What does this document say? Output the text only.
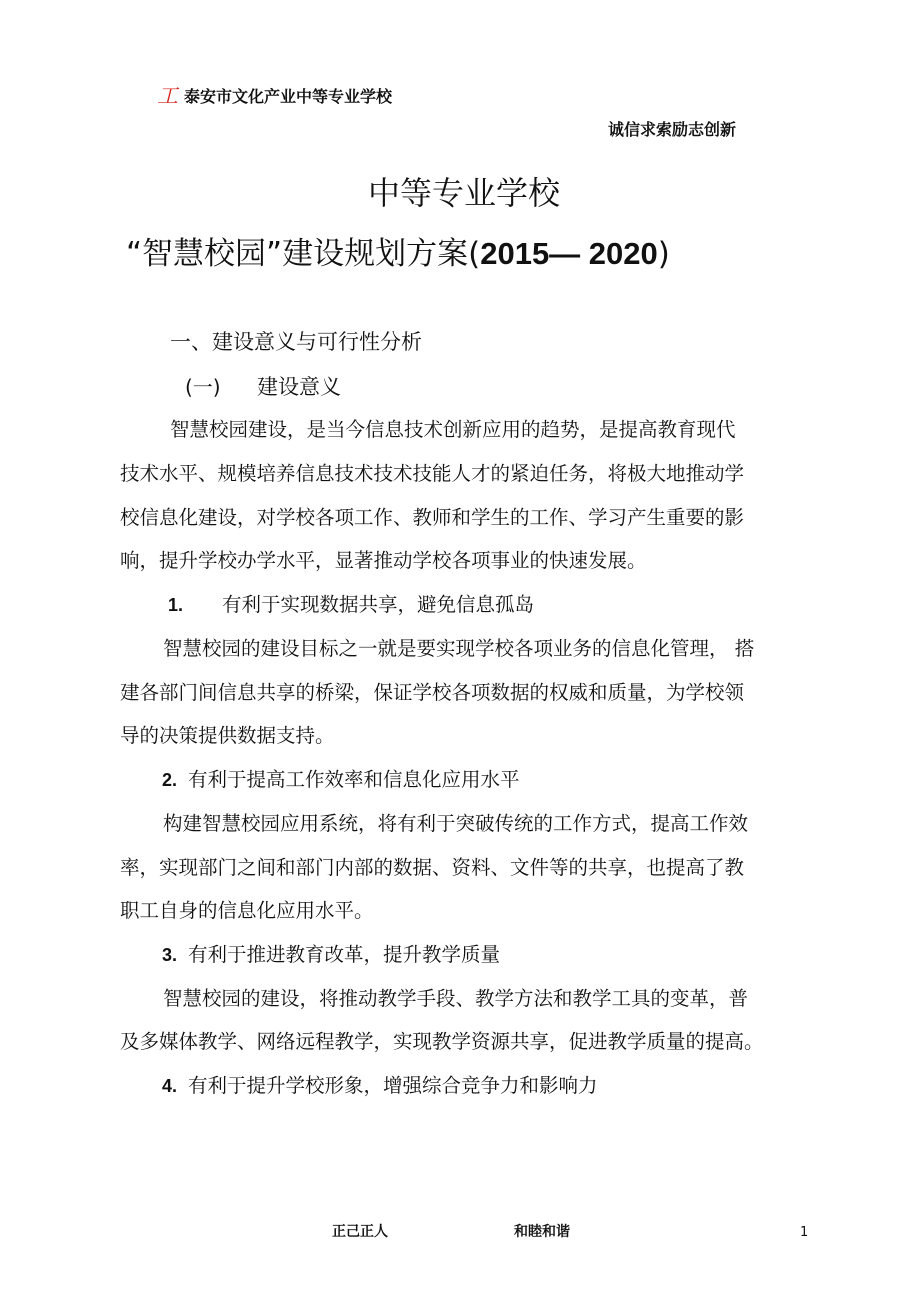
工 泰安市文化产业中等专业学校
诚信求索励志创新
中等专业学校
“智慧校园”建设规划方案(2015— 2020)
一、建设意义与可行性分析
(一) 建设意义
智慧校园建设，是当今信息技术创新应用的趋势，是提高教育现代
技术水平、规模培养信息技术技术技能人才的紧迫任务，将极大地推动学
校信息化建设，对学校各项工作、教师和学生的工作、学习产生重要的影
响，提升学校办学水平，显著推动学校各项事业的快速发展。
1. 有利于实现数据共享，避免信息孤岛
智慧校园的建设目标之一就是要实现学校各项业务的信息化管理， 搭
建各部门间信息共享的桥梁，保证学校各项数据的权威和质量，为学校领
导的决策提供数据支持。
2. 有利于提高工作效率和信息化应用水平
构建智慧校园应用系统，将有利于突破传统的工作方式，提高工作效
率，实现部门之间和部门内部的数据、资料、文件等的共享，也提高了教
职工自身的信息化应用水平。
3. 有利于推进教育改革，提升教学质量
智慧校园的建设，将推动教学手段、教学方法和教学工具的变革，普
及多媒体教学、网络远程教学，实现教学资源共享，促进教学质量的提高。
4. 有利于提升学校形象，增强综合竞争力和影响力
正己正人	和睦和谐	1
